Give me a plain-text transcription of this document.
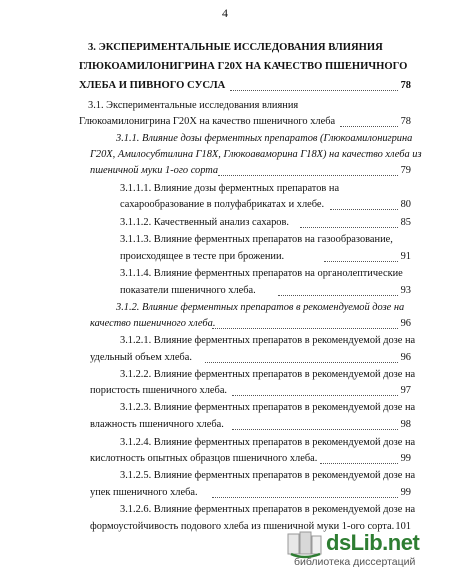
4
3. ЭКСПЕРИМЕНТАЛЬНЫЕ ИССЛЕДОВАНИЯ ВЛИЯНИЯ
ГЛЮКОАМИЛОНИГРИНА Г20Х НА КАЧЕСТВО ПШЕНИЧНОГО
ХЛЕБА И ПИВНОГО СУСЛА	78
3.1. Экспериментальные исследования влияния
Глюкоамилонигрина Г20Х на качество пшеничного хлеба	78
3.1.1. Влияние дозы ферментных препаратов (Глюкоамилонигрина
Г20Х, Амилосубтилина Г18Х, Глюкоаваморина Г18Х) на качество хлеба из
пшеничной муки 1-ого сорта	79
3.1.1.1. Влияние дозы ферментных препаратов на
сахарообразование в полуфабрикатах и хлебе.	80
3.1.1.2. Качественный анализ сахаров.	85
3.1.1.3. Влияние ферментных препаратов на газообразование,
происходящее в тесте при брожении.	91
3.1.1.4. Влияние ферментных препаратов на органолептические
показатели пшеничного хлеба.	93
3.1.2. Влияние ферментных препаратов в рекомендуемой дозе на
качество пшеничного хлеба.	96
3.1.2.1. Влияние ферментных препаратов в рекомендуемой дозе на
удельный объем хлеба.	96
3.1.2.2. Влияние ферментных препаратов в рекомендуемой дозе на
пористость пшеничного хлеба.	97
3.1.2.3. Влияние ферментных препаратов в рекомендуемой дозе на
влажность пшеничного хлеба.	98
3.1.2.4. Влияние ферментных препаратов в рекомендуемой дозе на
кислотность опытных образцов пшеничного хлеба.	99
3.1.2.5. Влияние ферментных препаратов в рекомендуемой дозе на
упек пшеничного хлеба.	99
3.1.2.6. Влияние ферментных препаратов в рекомендуемой дозе на
формоустойчивость подового хлеба из пшеничной муки 1-ого сорта. 101
dsLib.net
библиотека диссертаций
